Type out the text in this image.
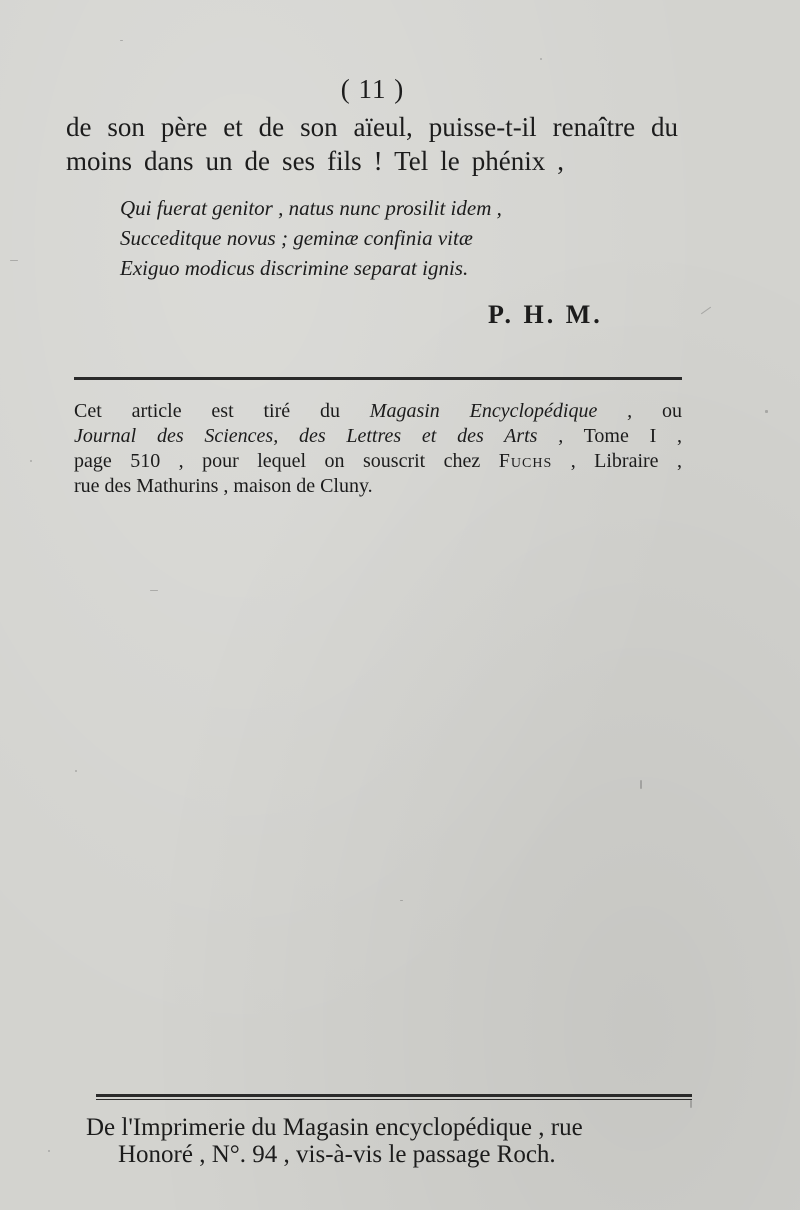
( 11 )
de son père et de son aïeul, puisse-t-il renaître du
moins dans un de ses fils ! Tel le phénix ,
Qui fuerat genitor , natus nunc prosilit idem ,
Succeditque novus ; geminæ confinia vitæ
Exiguo modicus discrimine separat ignis.
P. H. M.
Cet article est tiré du Magasin Encyclopédique , ou
Journal des Sciences, des Lettres et des Arts , Tome I ,
page 510 , pour lequel on souscrit chez Fuchs , Libraire ,
rue des Mathurins , maison de Cluny.
De l'Imprimerie du Magasin encyclopédique , rue
Honoré , N°. 94 , vis-à-vis le passage Roch.
